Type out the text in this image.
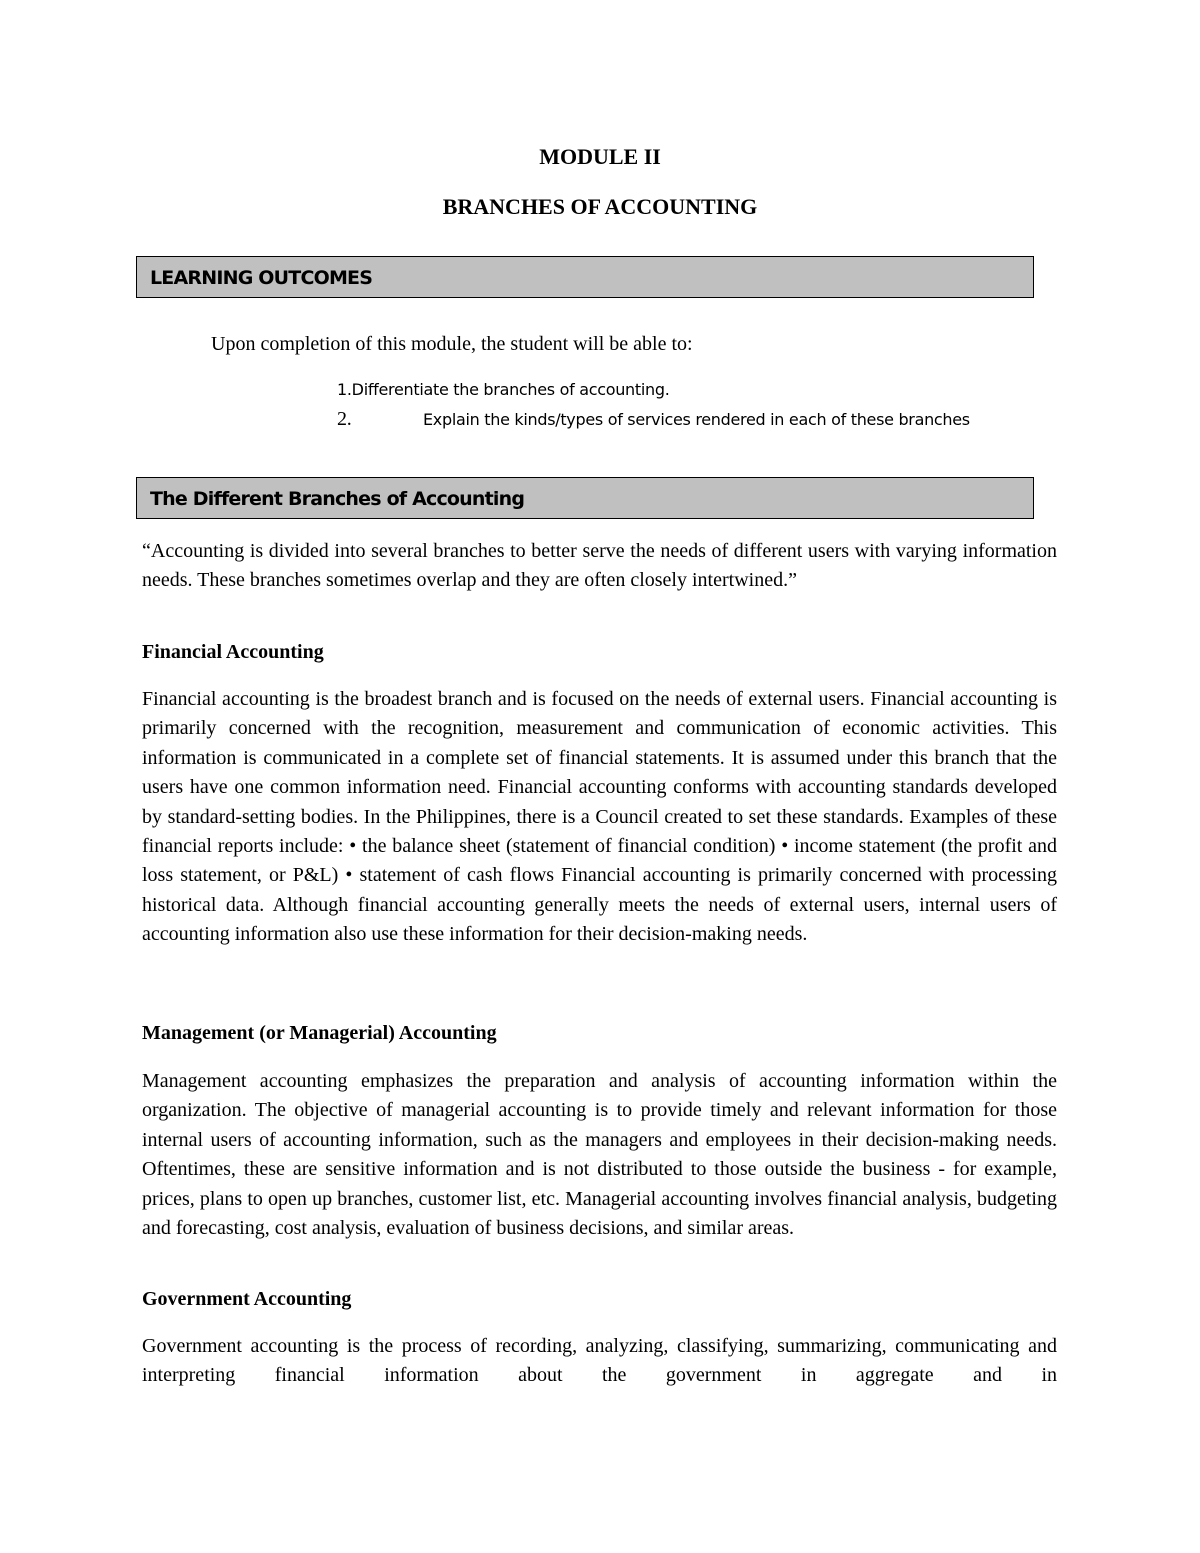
MODULE II
BRANCHES OF ACCOUNTING
LEARNING OUTCOMES
Upon completion of this module, the student will be able to:
1.Differentiate the branches of accounting.
2.	Explain the kinds/types of services rendered in each of these branches
The Different Branches of Accounting
“Accounting is divided into several branches to better serve the needs of different users with varying information needs. These branches sometimes overlap and they are often closely intertwined.”
Financial Accounting
Financial accounting is the broadest branch and is focused on the needs of external users. Financial accounting is primarily concerned with the recognition, measurement and communication of economic activities. This information is communicated in a complete set of financial statements. It is assumed under this branch that the users have one common information need. Financial accounting conforms with accounting standards developed by standard-setting bodies. In the Philippines, there is a Council created to set these standards. Examples of these financial reports include: • the balance sheet (statement of financial condition) • income statement (the profit and loss statement, or P&L) • statement of cash flows Financial accounting is primarily concerned with processing historical data. Although financial accounting generally meets the needs of external users, internal users of accounting information also use these information for their decision-making needs.
Management (or Managerial) Accounting
Management accounting emphasizes the preparation and analysis of accounting information within the organization. The objective of managerial accounting is to provide timely and relevant information for those internal users of accounting information, such as the managers and employees in their decision-making needs. Oftentimes, these are sensitive information and is not distributed to those outside the business - for example, prices, plans to open up branches, customer list, etc. Managerial accounting involves financial analysis, budgeting and forecasting, cost analysis, evaluation of business decisions, and similar areas.
Government Accounting
Government accounting is the process of recording, analyzing, classifying, summarizing, communicating and interpreting financial information about the government in aggregate and in
